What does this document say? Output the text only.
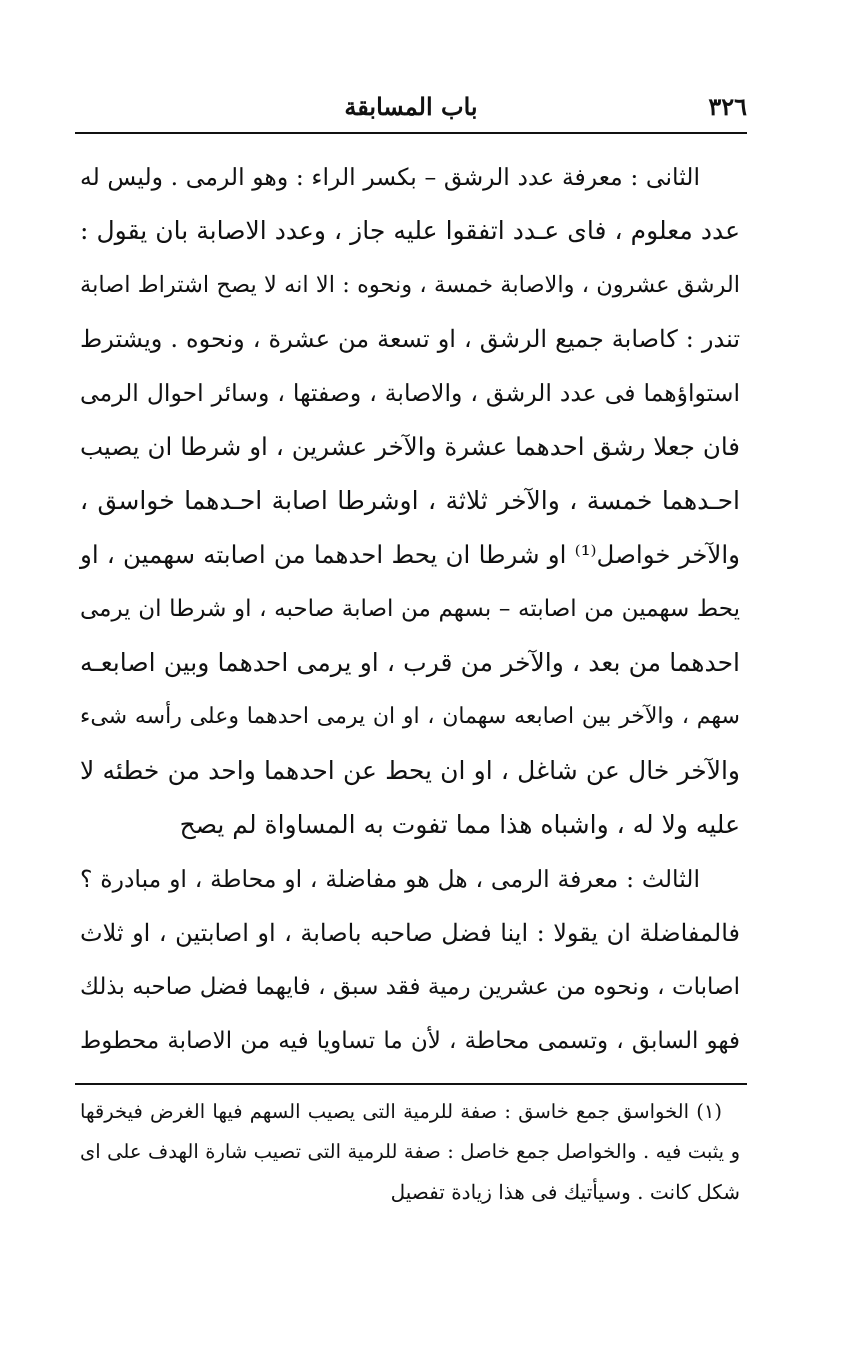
٣٢٦
باب المسابقة
الثانى : معرفة عدد الرشق – بكسر الراء : وهو الرمى . وليس له
عدد معلوم ، فاى عـدد اتفقوا عليه جاز ، وعدد الاصابة بان يقول :
الرشق عشرون ، والاصابة خمسة ، ونحوه : الا انه لا يصح اشتراط اصابة
تندر : كاصابة جميع الرشق ، او تسعة من عشرة ، ونحوه . ويشترط
استواؤهما فى عدد الرشق ، والاصابة ، وصفتها ، وسائر احوال الرمى
فان جعلا رشق احدهما عشرة والآخر عشرين ، او شرطا ان يصيب
احـدهما خمسة ، والآخر ثلاثة ، اوشرطا اصابة احـدهما خواسق ،
والآخر خواصل⁽¹⁾ او شرطا ان يحط احدهما من اصابته سهمين ، او
يحط سهمين من اصابته – بسهم من اصابة صاحبه ، او شرطا ان يرمى
احدهما من بعد ، والآخر من قرب ، او يرمى احدهما وبين اصابعـه
سهم ، والآخر بين اصابعه سهمان ، او ان يرمى احدهما وعلى رأسه شىء
والآخر خال عن شاغل ، او ان يحط عن احدهما واحد من خطئه لا
عليه ولا له ، واشباه هذا مما تفوت به المساواة لم يصح
الثالث : معرفة الرمى ، هل هو مفاضلة ، او محاطة ، او مبادرة ؟
فالمفاضلة ان يقولا : اينا فضل صاحبه باصابة ، او اصابتين ، او ثلاث
اصابات ، ونحوه من عشرين رمية فقد سبق ، فايهما فضل صاحبه بذلك
فهو السابق ، وتسمى محاطة ، لأن ما تساويا فيه من الاصابة محطوط
(١) الخواسق جمع خاسق : صفة للرمية التى يصيب السهم فيها الغرض فيخرقها
و يثبت فيه . والخواصل جمع خاصل : صفة للرمية التى تصيب شارة الهدف على اى
شكل كانت . وسيأتيك فى هذا زيادة تفصيل
